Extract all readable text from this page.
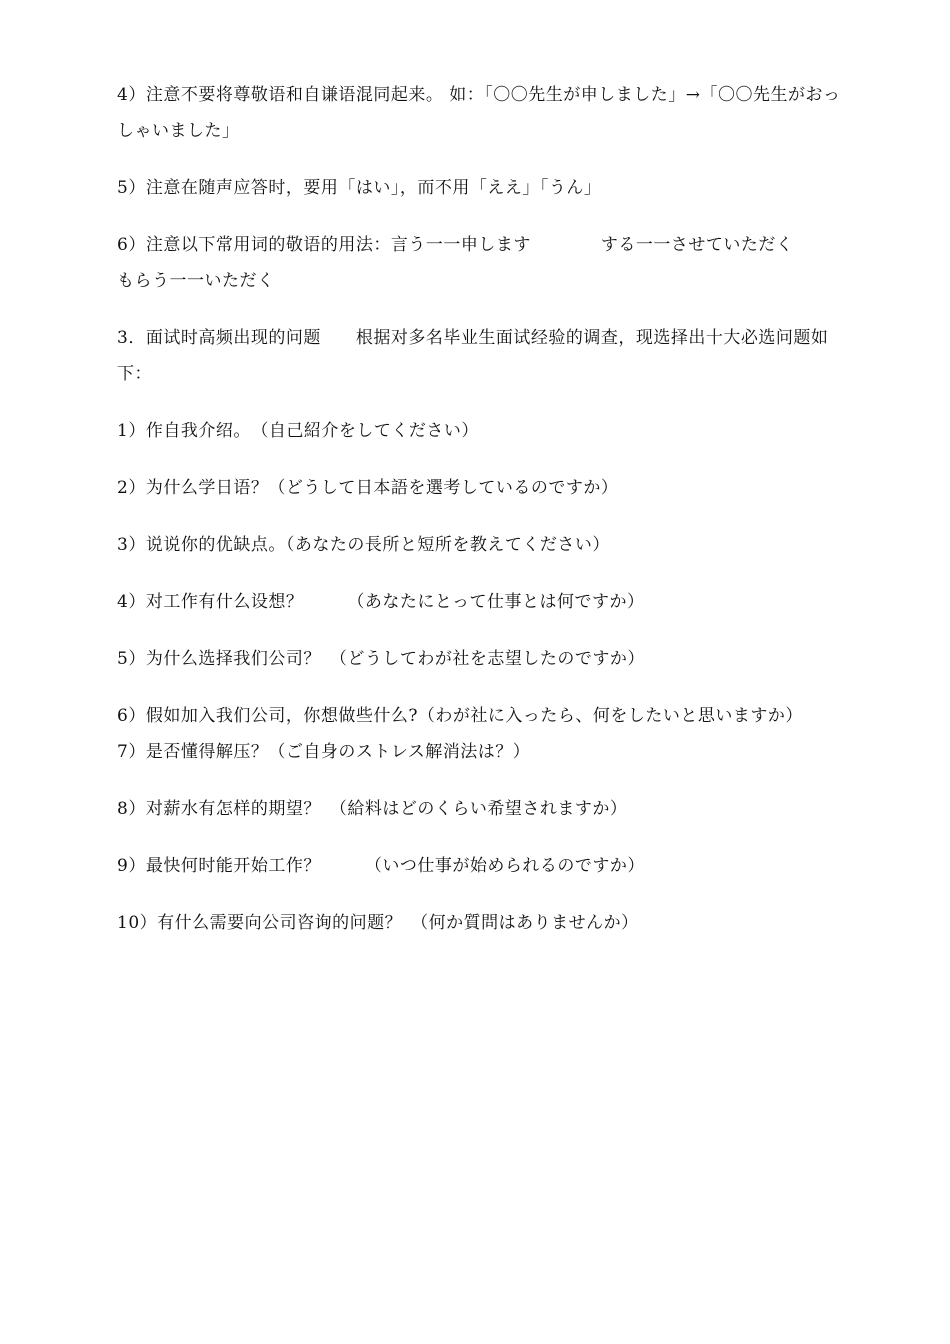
4）注意不要将尊敬语和自谦语混同起来。 如：「〇〇先生が申しました」→「〇〇先生がおっしゃいました」

5）注意在随声应答时，要用「はい」，而不用「ええ」「うん」

6）注意以下常用词的敬语的用法：言う一一申します　　　　する一一させていただく　　　　もらう一一いただく

3．面试时高频出现的问题　　根据对多名毕业生面试经验的调查，现选择出十大必选问题如下：

1）作自我介绍。　（自己紹介をしてください）

2）为什么学日语？（どうして日本語を選考しているのですか）

3）说说你的优缺点。（あなたの長所と短所を教えてください）

4）对工作有什么设想？　　　（あなたにとって仕事とは何ですか）

5）为什么选择我们公司？　（どうしてわが社を志望したのですか）

6）假如加入我们公司，你想做些什么?（わが社に入ったら、何をしたいと思いますか）　　7）是否懂得解压？（ご自身のストレス解消法は？）

8）对薪水有怎样的期望？　（給料はどのくらい希望されますか）

9）最快何时能开始工作？　　　（いつ仕事が始められるのですか）

10）有什么需要向公司咨询的问题？　（何か質問はありませんか）
